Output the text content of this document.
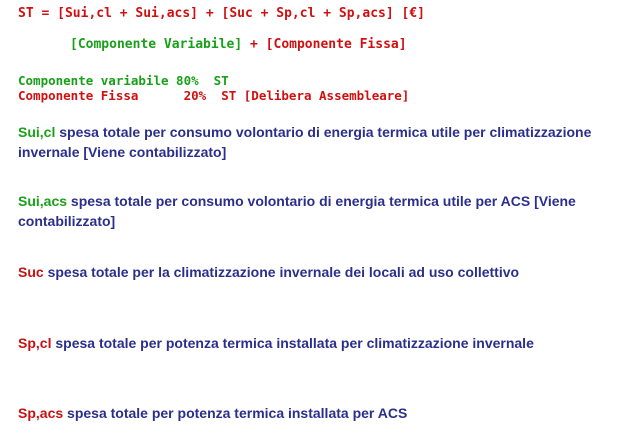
ST = [Sui,cl + Sui,acs] + [Suc + Sp,cl + Sp,acs] [€]
[Componente Variabile] + [Componente Fissa]
Componente variabile 80%  ST
Componente Fissa      20%  ST [Delibera Assembleare]
Sui,cl spesa totale per consumo volontario di energia termica utile per climatizzazione invernale [Viene contabilizzato]
Sui,acs spesa totale per consumo volontario di energia termica utile per ACS [Viene contabilizzato]
Suc spesa totale per la climatizzazione invernale dei locali ad uso collettivo
Sp,cl spesa totale per potenza termica installata per climatizzazione invernale
Sp,acs spesa totale per potenza termica installata per ACS
